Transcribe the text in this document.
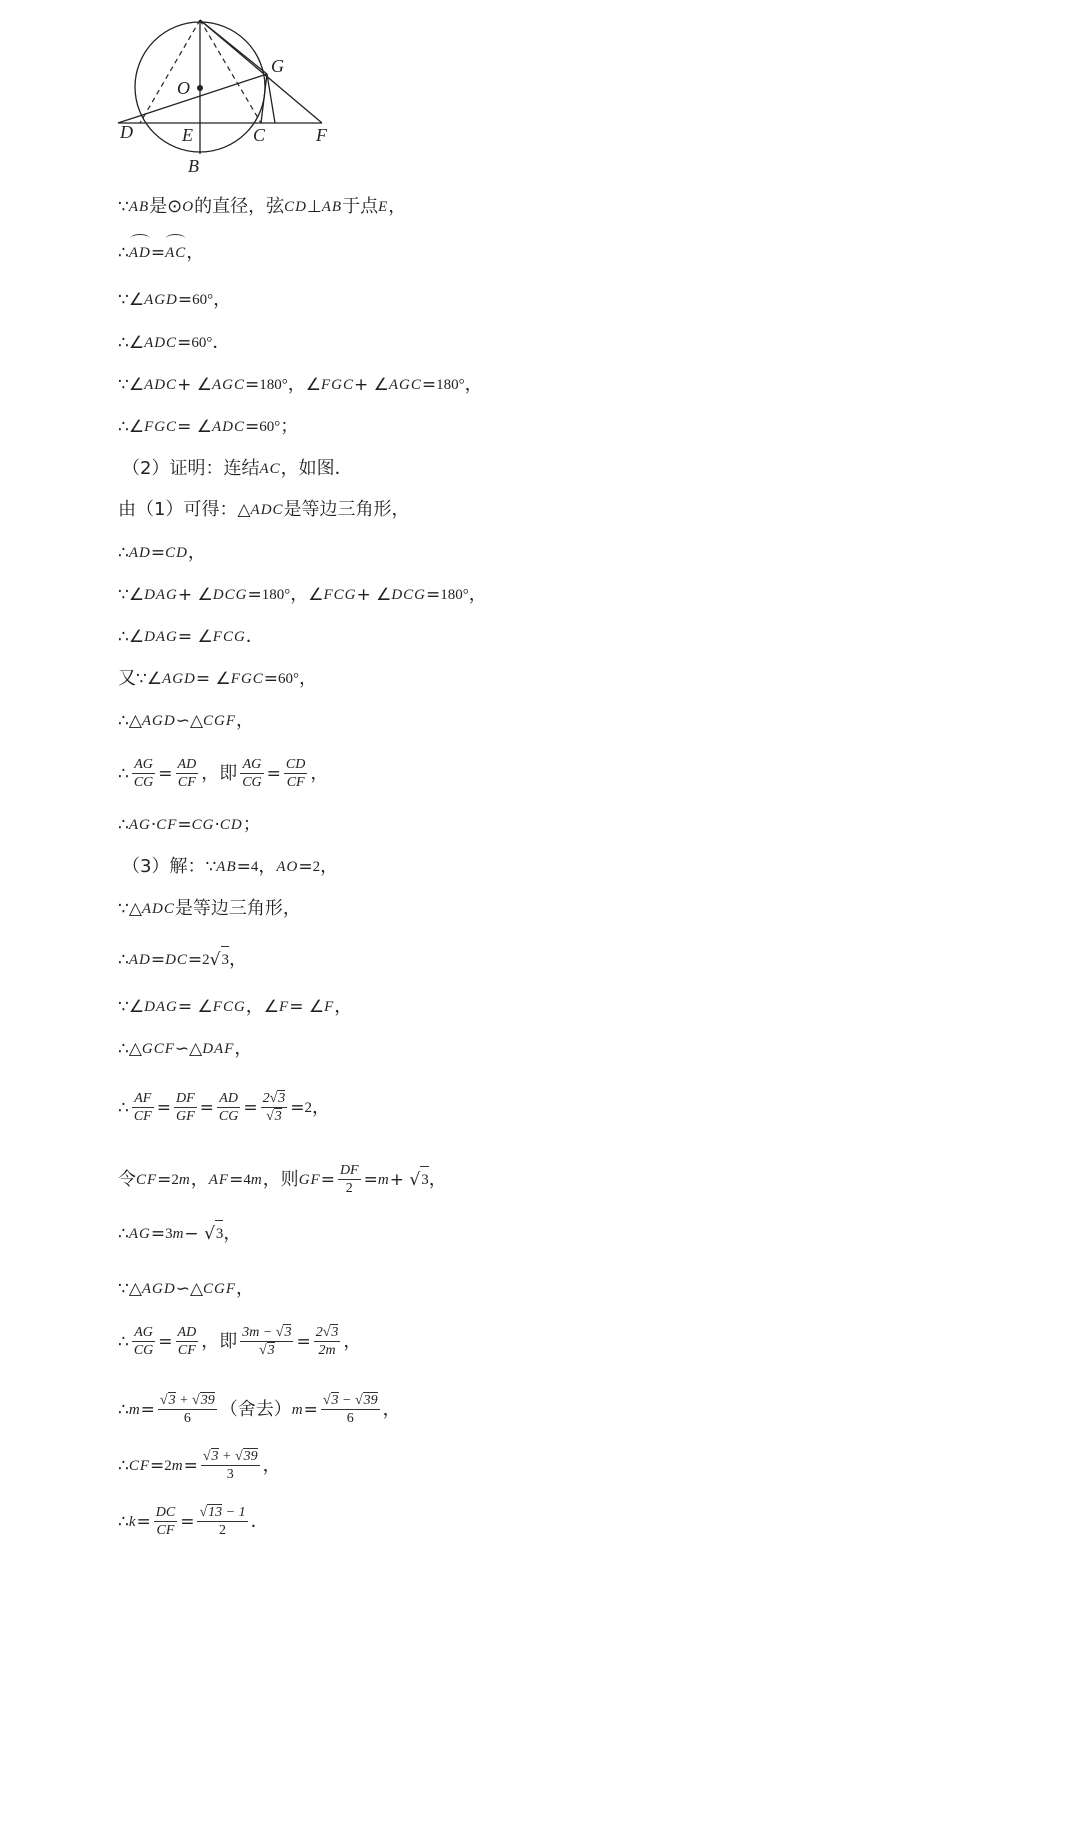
O
G
D	E	C	F
B
∵ AB 是⊙ O 的直径，弦 CD ⊥ AB 于点 E ，
∴ AD = AC ，
∵∠ AGD = 60° ，
∴∠ ADC = 60° ．
∵∠ ADC + ∠ AGC = 180° ， ∠ FGC + ∠ AGC = 180° ，
∴∠ FGC = ∠ ADC = 60° ；
（2）证明：连结 AC ，如图．
由（1）可得： △ ADC 是等边三角形，
∴ AD = CD ，
∵∠ DAG + ∠ DCG = 180° ， ∠ FCG + ∠ DCG = 180° ，
∴∠ DAG = ∠ FCG ．
又 ∵∠ AGD = ∠ FGC = 60° ，
∴△ AGD ∽△ CGF ，
∴ $\frac{AG}{CG} = \frac{AD}{CF}$ ，即 $\frac{AG}{CG} = \frac{CD}{CF}$ ，
∴ AG · CF = CG · CD ；
（3）解： ∵ AB = 4 ， AO = 2 ，
∵△ ADC 是等边三角形，
∴ AD = DC = 2 √ 3 ，
∵∠ DAG = ∠ FCG ， ∠ F = ∠ F ，
∴△ GCF ∽△ DAF ，
∴ $\frac{AF}{CF} = \frac{DF}{GF} = \frac{AD}{CG} = \frac{2√3}{√3} = 2$ ，
令 CF = 2 m ， AF = 4 m ，则 GF = $\frac{DF}{2} = m$ + √ 3 ，
∴ AG = 3 m − √ 3 ，
∵△ AGD ∽△ CGF ，
∴ $\frac{AG}{CG} = \frac{AD}{CF}$ ，即 $\frac{3m - √3}{√3} = \frac{2√3}{2m}$ ，
∴ $m = \frac{√3 + √39}{6}$ （舍去） $m = \frac{√3 - √39}{6}$ ，
∴ CF = 2 $m = \frac{√3 + √39}{3}$ ，
∴ $k = \frac{DC}{CF} = \frac{√13 - 1}{2}$ ．
